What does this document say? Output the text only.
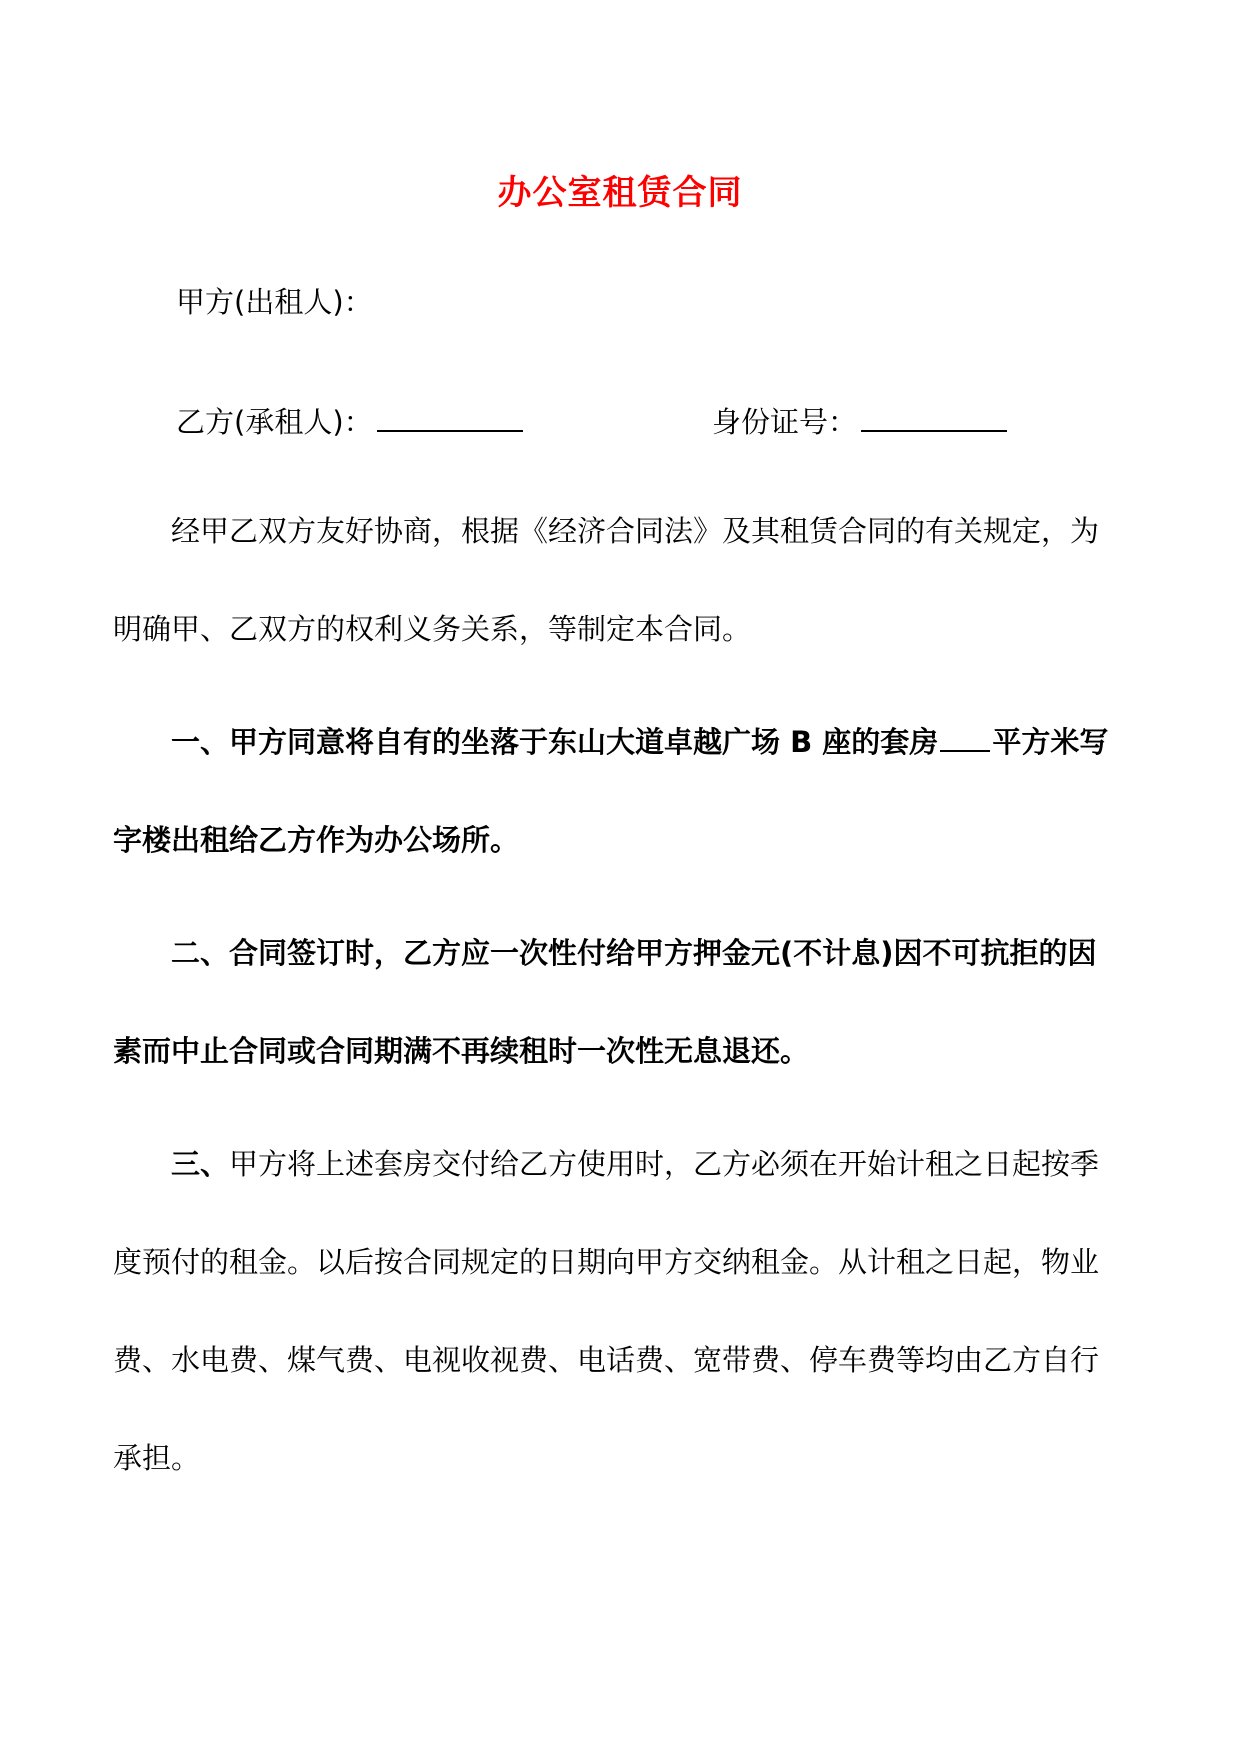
办公室租赁合同
甲方(出租人)：
乙方(承租人)：	身份证号：
经甲乙双方友好协商，根据《经济合同法》及其租赁合同的有关规定，为明确甲、乙双方的权利义务关系，等制定本合同。
一、甲方同意将自有的坐落于东山大道卓越广场 B 座的套房 平方米写字楼出租给乙方作为办公场所。
二、合同签订时，乙方应一次性付给甲方押金元(不计息)因不可抗拒的因素而中止合同或合同期满不再续租时一次性无息退还。
三、甲方将上述套房交付给乙方使用时，乙方必须在开始计租之日起按季度预付的租金。以后按合同规定的日期向甲方交纳租金。从计租之日起，物业费、水电费、煤气费、电视收视费、电话费、宽带费、停车费等均由乙方自行承担。
